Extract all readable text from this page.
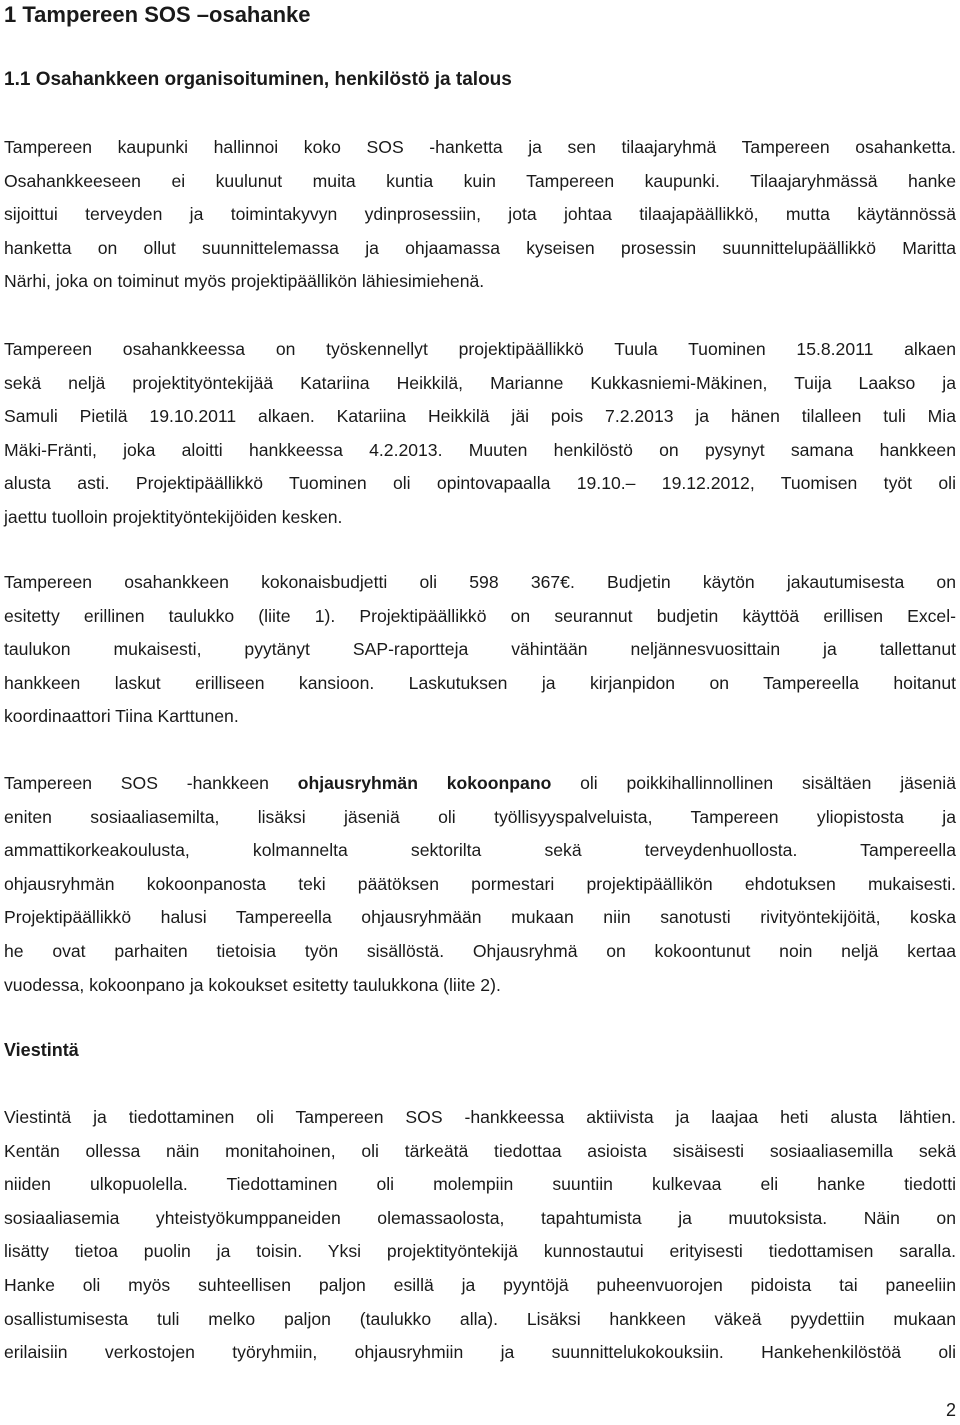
1 Tampereen SOS –osahanke
1.1 Osahankkeen organisoituminen, henkilöstö ja talous
Tampereen kaupunki hallinnoi koko SOS -hanketta ja sen tilaajaryhmä Tampereen osahanketta.
Osahankkeeseen ei kuulunut muita kuntia kuin Tampereen kaupunki. Tilaajaryhmässä hanke
sijoittui terveyden ja toimintakyvyn ydinprosessiin, jota johtaa tilaajapäällikkö, mutta käytännössä
hanketta on ollut suunnittelemassa ja ohjaamassa kyseisen prosessin suunnittelupäällikkö Maritta
Närhi, joka on toiminut myös projektipäällikön lähiesimiehenä.
Tampereen osahankkeessa on työskennellyt projektipäällikkö Tuula Tuominen 15.8.2011 alkaen
sekä neljä projektityöntekijää Katariina Heikkilä, Marianne Kukkasniemi-Mäkinen, Tuija Laakso ja
Samuli Pietilä 19.10.2011 alkaen. Katariina Heikkilä jäi pois 7.2.2013 ja hänen tilalleen tuli Mia
Mäki-Fränti, joka aloitti hankkeessa 4.2.2013. Muuten henkilöstö on pysynyt samana hankkeen
alusta asti. Projektipäällikkö Tuominen oli opintovapaalla 19.10.– 19.12.2012, Tuomisen työt oli
jaettu tuolloin projektityöntekijöiden kesken.
Tampereen osahankkeen kokonaisbudjetti oli 598 367€. Budjetin käytön jakautumisesta on
esitetty erillinen taulukko (liite 1). Projektipäällikkö on seurannut budjetin käyttöä erillisen Excel-
taulukon mukaisesti, pyytänyt SAP-raportteja vähintään neljännesvuosittain ja tallettanut
hankkeen laskut erilliseen kansioon. Laskutuksen ja kirjanpidon on Tampereella hoitanut
koordinaattori Tiina Karttunen.
Tampereen SOS -hankkeen ohjausryhmän kokoonpano oli poikkihallinnollinen sisältäen jäseniä
eniten sosiaaliasemilta, lisäksi jäseniä oli työllisyyspalveluista, Tampereen yliopistosta ja
ammattikorkeakoulusta, kolmannelta sektorilta sekä terveydenhuollosta. Tampereella
ohjausryhmän kokoonpanosta teki päätöksen pormestari projektipäällikön ehdotuksen mukaisesti.
Projektipäällikkö halusi Tampereella ohjausryhmään mukaan niin sanotusti rivityöntekijöitä, koska
he ovat parhaiten tietoisia työn sisällöstä. Ohjausryhmä on kokoontunut noin neljä kertaa
vuodessa, kokoonpano ja kokoukset esitetty taulukkona (liite 2).
Viestintä
Viestintä ja tiedottaminen oli Tampereen SOS -hankkeessa aktiivista ja laajaa heti alusta lähtien.
Kentän ollessa näin monitahoinen, oli tärkeätä tiedottaa asioista sisäisesti sosiaaliasemilla sekä
niiden ulkopuolella. Tiedottaminen oli molempiin suuntiin kulkevaa eli hanke tiedotti
sosiaaliasemia yhteistyökumppaneiden olemassaolosta, tapahtumista ja muutoksista. Näin on
lisätty tietoa puolin ja toisin. Yksi projektityöntekijä kunnostautui erityisesti tiedottamisen saralla.
Hanke oli myös suhteellisen paljon esillä ja pyyntöjä puheenvuorojen pidoista tai paneeliin
osallistumisesta tuli melko paljon (taulukko alla). Lisäksi hankkeen väkeä pyydettiin mukaan
erilaisiin verkostojen työryhmiin, ohjausryhmiin ja suunnittelukokouksiin. Hankehenkilöstöä oli
2
